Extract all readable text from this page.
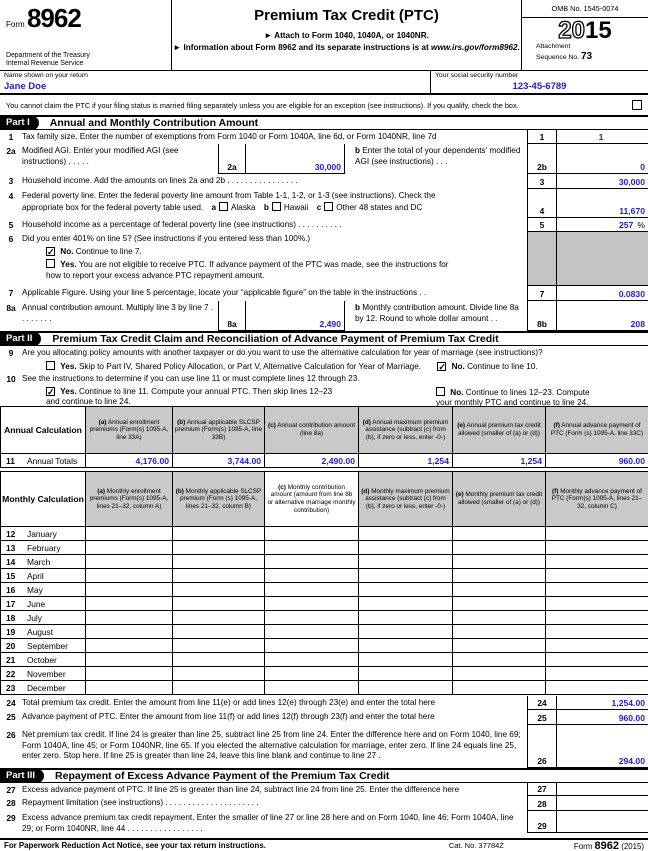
Form 8962
Department of the Treasury
Internal Revenue Service
Premium Tax Credit (PTC)
► Attach to Form 1040, 1040A, or 1040NR.
► Information about Form 8962 and its separate instructions is at www.irs.gov/form8962.
OMB No. 1545-0074
2015
Attachment
Sequence No. 73
Name shown on your return
Jane Doe
Your social security number
123-45-6789
You cannot claim the PTC if your filing status is married filing separately unless you are eligible for an exception (see instructions). If you qualify, check the box.
Part I	Annual and Monthly Contribution Amount
1	Tax family size. Enter the number of exemptions from Form 1040 or Form 1040A, line 6d, or Form 1040NR, line 7d	1	1
2a Modified AGI. Enter your modified AGI (see instructions) . . . . .
2a	30,000
b Enter the total of your dependents’ modified AGI (see instructions) . . .
2b	0
3	Household income. Add the amounts on lines 2a and 2b . . . . . . . . . . . . . . . .	3	30,000
4	Federal poverty line. Enter the federal poverty line amount from Table 1-1, 1-2, or 1-3 (see instructions). Check the
appropriate box for the federal poverty table used. a Alaska b Hawaii c Other 48 states and DC	4	11,670
5	Household income as a percentage of federal poverty line (see instructions) . . . . . . . . . .	5	257 %
6	Did you enter 401% on line 5? (See instructions if you entered less than 100%.)
✓ No. Continue to line 7.
Yes. You are not eligible to receive PTC. If advance payment of the PTC was made, see the instructions for
how to report your excess advance PTC repayment amount.
7	Applicable Figure. Using your line 5 percentage, locate your “applicable figure” on the table in the instructions . .	7	0.0830
8a Annual contribution amount. Multiply line 3 by line 7 . . . . . . . .
8a	2,490
b Monthly contribution amount. Divide line 8a by 12. Round to whole dollar amount . .
8b	208
Part II	Premium Tax Credit Claim and Reconciliation of Advance Payment of Premium Tax Credit
9	Are you allocating policy amounts with another taxpayer or do you want to use the alternative calculation for year of marriage (see instructions)?
Yes. Skip to Part IV, Shared Policy Allocation, or Part V, Alternative Calculation for Year of Marriage. ✓ No. Continue to line 10.
10 See the instructions to determine if you can use line 11 or must complete lines 12 through 23.
✓ Yes. Continue to line 11. Compute your annual PTC. Then skip lines 12–23
and continue to line 24.
No. Continue to lines 12–23. Compute
your monthly PTC and continue to line 24.
Annual Calculation	(a) Annual enrollment premiums (Form(s) 1095-A, line 33A)	(b) Annual applicable SLCSP premium (Form(s) 1095-A, line 33B)	(c) Annual contribution amount (line 8a)	(d) Annual maximum premium assistance (subtract (c) from (b), if zero or less, enter -0-)	(e) Annual premium tax credit allowed (smaller of (a) or (d))	(f) Annual advance payment of PTC (Form (s) 1095-A, line 33C)
11 Annual Totals	4,176.00	3,744.00	2,490.00	1,254	1,254	960.00
Monthly Calculation	(a) Monthly enrollment premiums (Form(s) 1095-A, lines 21–32, column A)	(b) Monthly applicable SLCSP premium (Form (s) 1095-A, lines 21–32, column B)	(c) Monthly contribution amount (amount from line 8b or alternative marriage monthly contribution)	(d) Monthly maximum premium assistance (subtract (c) from (b), if zero or less, enter -0-)	(e) Monthly premium tax credit allowed (smaller of (a) or (d))	(f) Monthly advance payment of PTC (Form(s) 1095-A, lines 21–32, column C)
12 January						
13 February						
14 March						
15 April						
16 May						
17 June						
18 July						
19 August						
20 September						
21 October						
22 November						
23 December						
24 Total premium tax credit. Enter the amount from line 11(e) or add lines 12(e) through 23(e) and enter the total here	24	1,254.00
25 Advance payment of PTC. Enter the amount from line 11(f) or add lines 12(f) through 23(f) and enter the total here	25	960.00
26 Net premium tax credit. If line 24 is greater than line 25, subtract line 25 from line 24. Enter the difference here and on Form 1040, line 69; Form 1040A, line 45; or Form 1040NR, line 65. If you elected the alternative calculation for marriage, enter zero. If line 24 equals line 25, enter zero. Stop here. If line 25 is greater than line 24, leave this line blank and continue to line 27 .
26	294.00
Part III	Repayment of Excess Advance Payment of the Premium Tax Credit
27 Excess advance payment of PTC. If line 25 is greater than line 24, subtract line 24 from line 25. Enter the difference here	27
28 Repayment limitation (see instructions) . . . . . . . . . . . . . . . . . . . . .	28
29 Excess advance premium tax credit repayment. Enter the smaller of line 27 or line 28 here and on Form 1040, line 46; Form 1040A, line 29; or Form 1040NR, line 44 . . . . . . . . . . . . . . . . .	29
For Paperwork Reduction Act Notice, see your tax return instructions.	Cat. No. 37784Z	Form 8962 (2015)
